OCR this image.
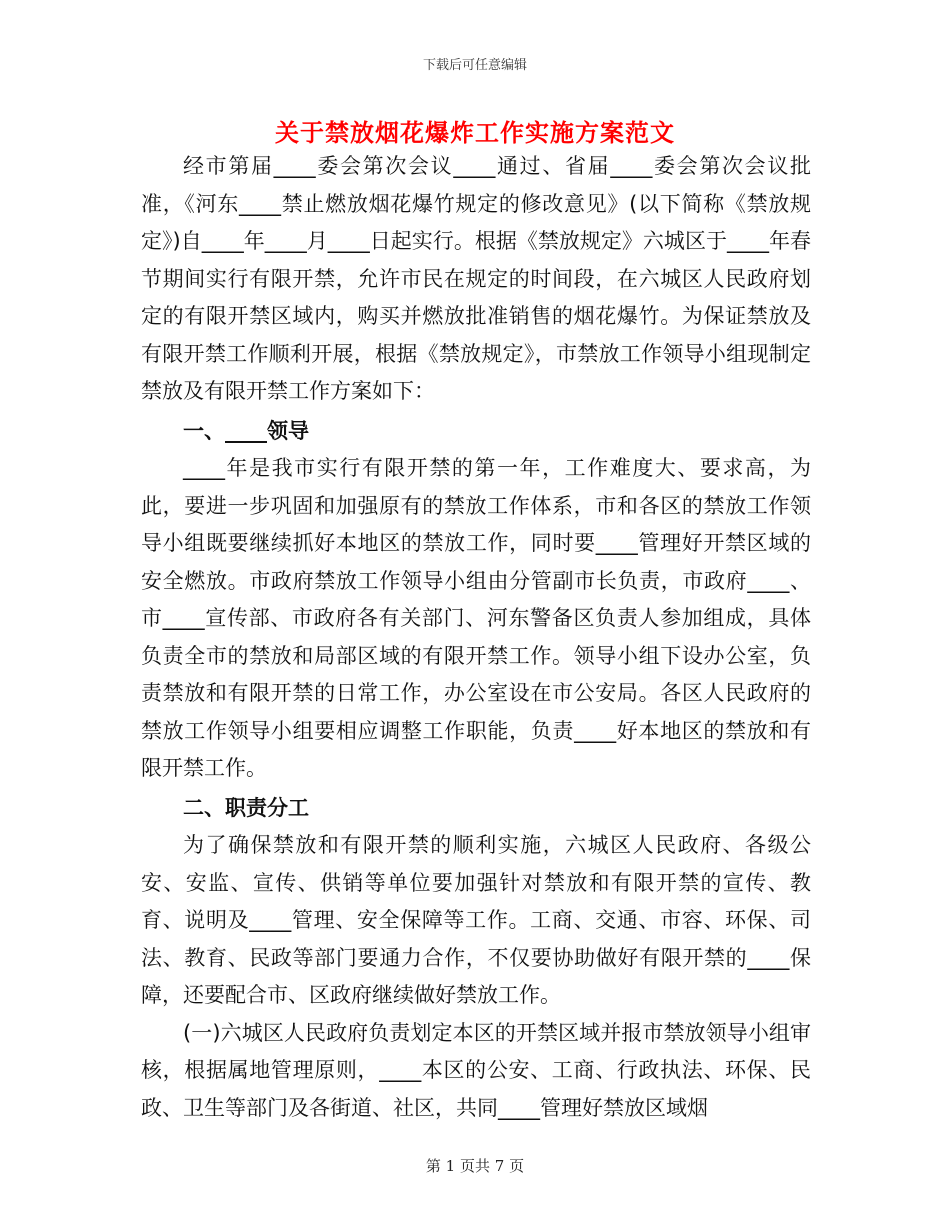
下载后可任意编辑
关于禁放烟花爆炸工作实施方案范文

经市第届____委会第次会议____通过、省届____委会第次会议批准，《河东____禁止燃放烟花爆竹规定的修改意见》(以下简称《禁放规定》)自____年____月____日起实行。根据《禁放规定》六城区于____年春节期间实行有限开禁，允许市民在规定的时间段，在六城区人民政府划定的有限开禁区域内，购买并燃放批准销售的烟花爆竹。为保证禁放及有限开禁工作顺利开展，根据《禁放规定》，市禁放工作领导小组现制定禁放及有限开禁工作方案如下：

一、____领导

____年是我市实行有限开禁的第一年，工作难度大、要求高，为此，要进一步巩固和加强原有的禁放工作体系，市和各区的禁放工作领导小组既要继续抓好本地区的禁放工作，同时要____管理好开禁区域的安全燃放。市政府禁放工作领导小组由分管副市长负责，市政府____、市____宣传部、市政府各有关部门、河东警备区负责人参加组成，具体负责全市的禁放和局部区域的有限开禁工作。领导小组下设办公室，负责禁放和有限开禁的日常工作，办公室设在市公安局。各区人民政府的禁放工作领导小组要相应调整工作职能，负责____好本地区的禁放和有限开禁工作。

二、职责分工

为了确保禁放和有限开禁的顺利实施，六城区人民政府、各级公安、安监、宣传、供销等单位要加强针对禁放和有限开禁的宣传、教育、说明及____管理、安全保障等工作。工商、交通、市容、环保、司法、教育、民政等部门要通力合作，不仅要协助做好有限开禁的____保障，还要配合市、区政府继续做好禁放工作。

(一)六城区人民政府负责划定本区的开禁区域并报市禁放领导小组审核，根据属地管理原则，____本区的公安、工商、行政执法、环保、民政、卫生等部门及各街道、社区，共同____管理好禁放区域烟

第 1 页共 7 页
